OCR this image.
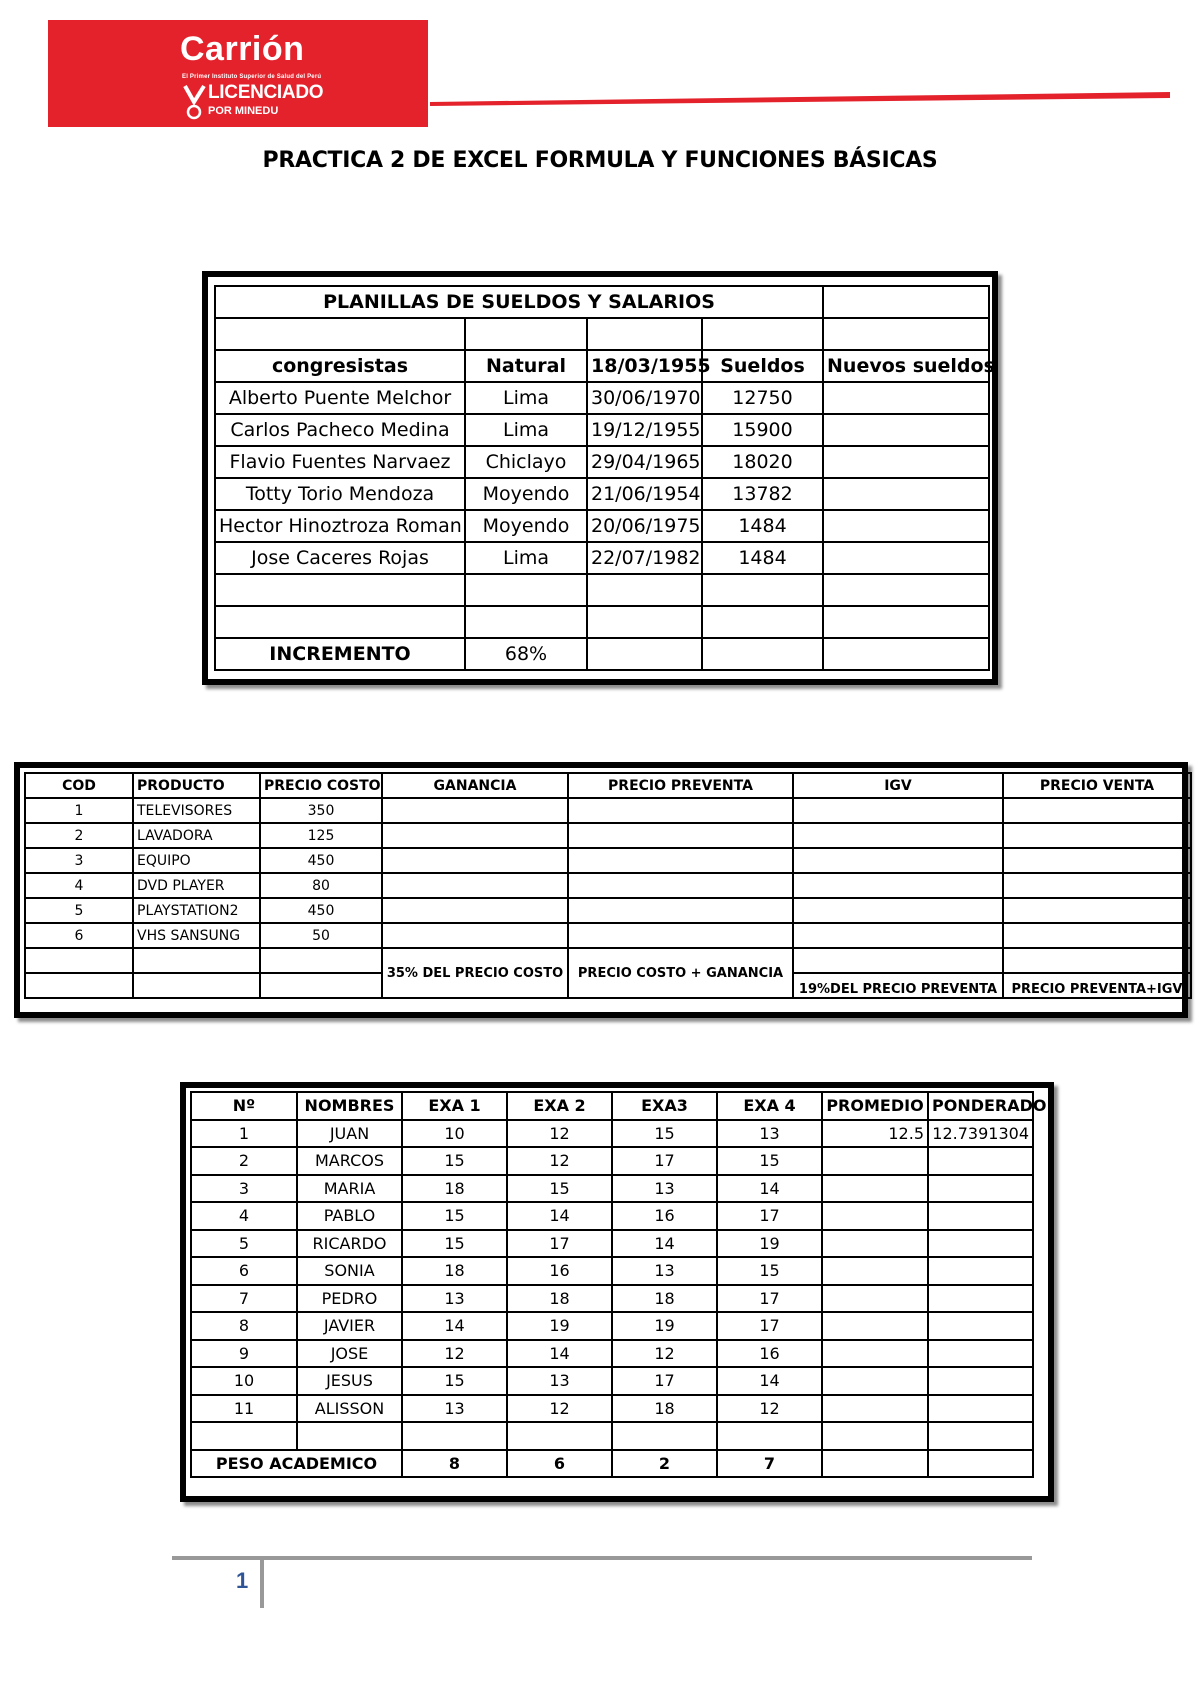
Carrión
El Primer Instituto Superior de Salud del Perú
LICENCIADO
POR MINEDU
PRACTICA 2 DE EXCEL FORMULA Y FUNCIONES BÁSICAS
PLANILLAS DE SUELDOS Y SALARIOS				

congresistas	Natural	18/03/1955	Sueldos	Nuevos sueldos
Alberto Puente Melchor	Lima	30/06/1970	12750	
Carlos Pacheco Medina	Lima	19/12/1955	15900	
Flavio Fuentes Narvaez	Chiclayo	29/04/1965	18020	
Totty Torio Mendoza	Moyendo	21/06/1954	13782	
Hector Hinoztroza Roman	Moyendo	20/06/1975	1484	
Jose Caceres Rojas	Lima	22/07/1982	1484	

INCREMENTO	68%			
COD	PRODUCTO	PRECIO COSTO	GANANCIA	PRECIO PREVENTA	IGV	PRECIO VENTA
1	TELEVISORES	350				
2	LAVADORA	125				
3	EQUIPO	450				
4	DVD PLAYER	80				
5	PLAYSTATION2	450				
6	VHS SANSUNG	50				
			35% DEL PRECIO COSTO	PRECIO COSTO + GANANCIA		
					19%DEL PRECIO PREVENTA	PRECIO PREVENTA+IGV
Nº	NOMBRES	EXA 1	EXA 2	EXA3	EXA 4	PROMEDIO	PONDERADO
1	JUAN	10	12	15	13	12.5	12.7391304
2	MARCOS	15	12	17	15		
3	MARIA	18	15	13	14		
4	PABLO	15	14	16	17		
5	RICARDO	15	17	14	19		
6	SONIA	18	16	13	15		
7	PEDRO	13	18	18	17		
8	JAVIER	14	19	19	17		
9	JOSE	12	14	12	16		
10	JESUS	15	13	17	14		
11	ALISSON	13	12	18	12		

PESO ACADEMICO		8	6	2	7		
1
